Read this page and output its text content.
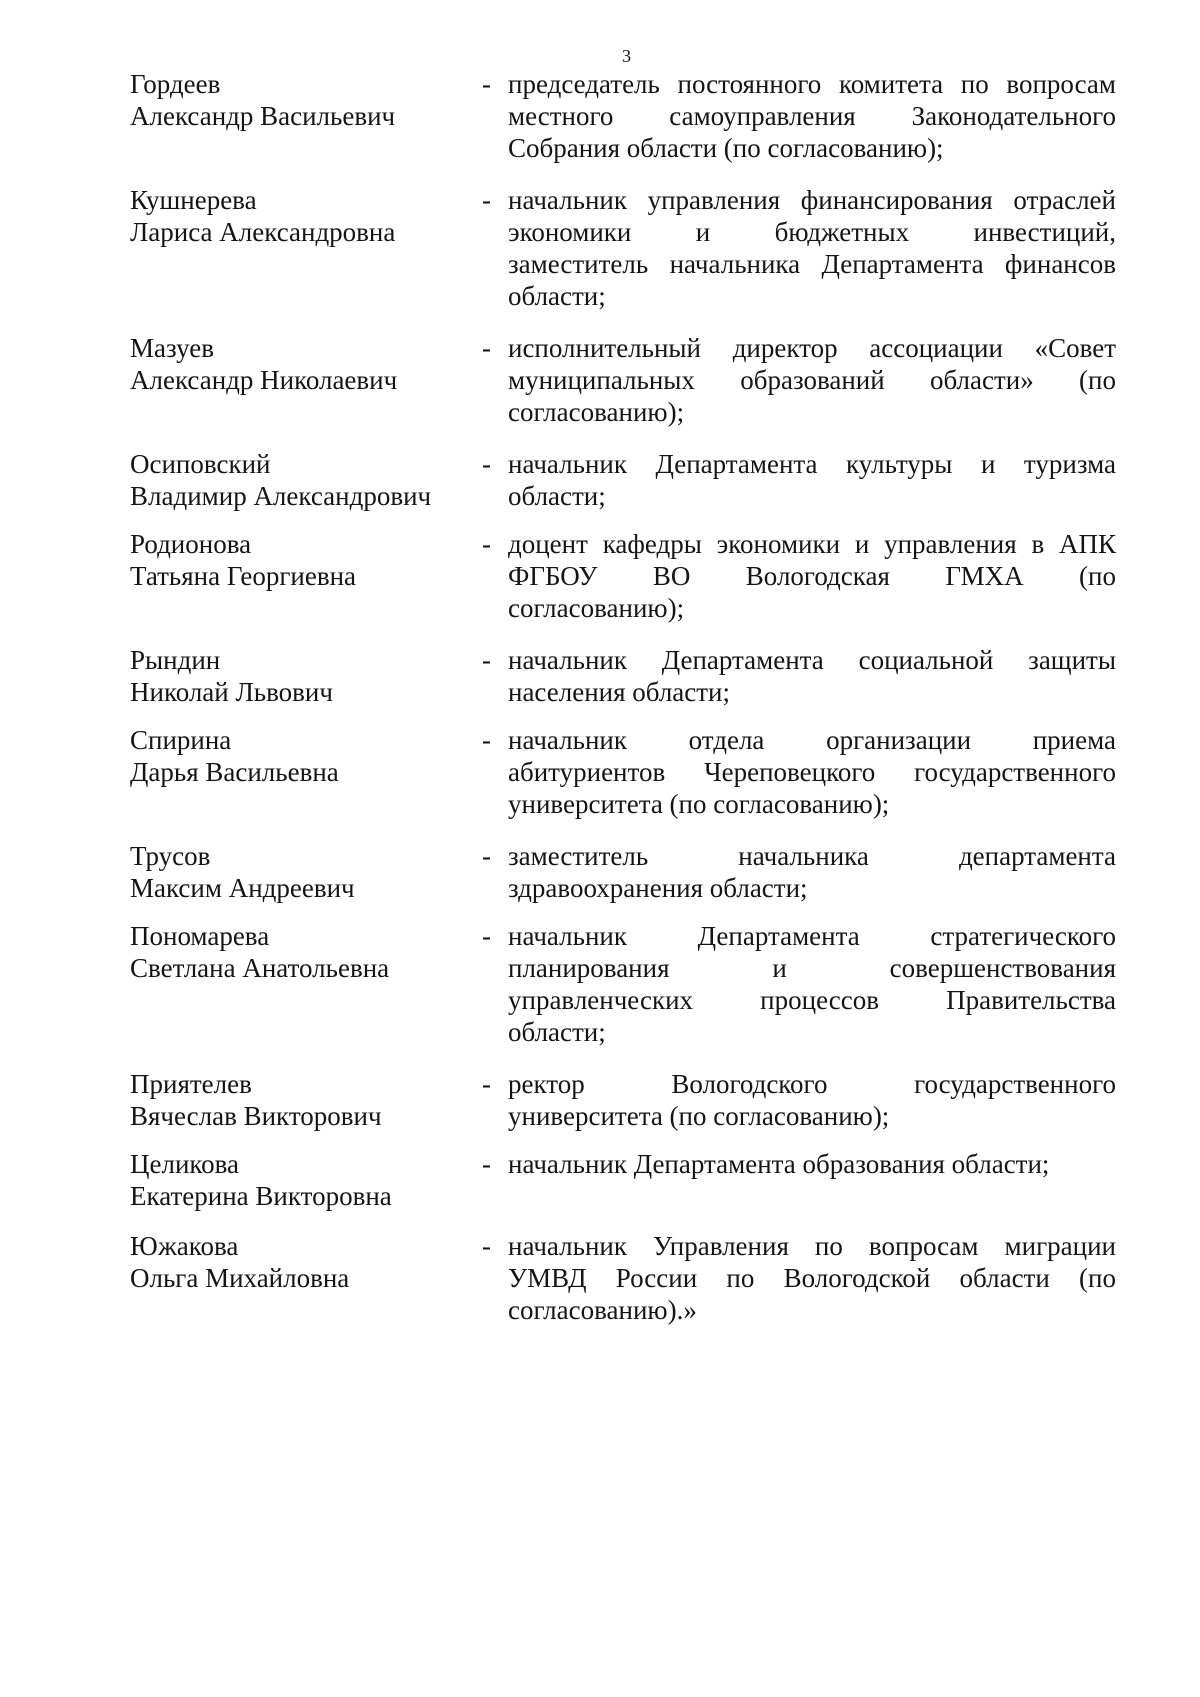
3
Гордеев
Александр Васильевич
- председатель постоянного комитета по вопросам
местного самоуправления Законодательного
Собрания области (по согласованию);
Кушнерева
Лариса Александровна
- начальник управления финансирования отраслей
экономики и бюджетных инвестиций,
заместитель начальника Департамента финансов
области;
Мазуев
Александр Николаевич
- исполнительный директор ассоциации «Совет
муниципальных образований области» (по
согласованию);
Осиповский
Владимир Александрович
- начальник Департамента культуры и туризма
области;
Родионова
Татьяна Георгиевна
- доцент кафедры экономики и управления в АПК
ФГБОУ ВО Вологодская ГМХА (по
согласованию);
Рындин
Николай Львович
- начальник Департамента социальной защиты
населения области;
Спирина
Дарья Васильевна
- начальник отдела организации приема
абитуриентов Череповецкого государственного
университета (по согласованию);
Трусов
Максим Андреевич
- заместитель начальника департамента
здравоохранения области;
Пономарева
Светлана Анатольевна
- начальник Департамента стратегического
планирования и совершенствования
управленческих процессов Правительства
области;
Приятелев
Вячеслав Викторович
- ректор Вологодского государственного
университета (по согласованию);
Целикова
Екатерина Викторовна
- начальник Департамента образования области;
Южакова
Ольга Михайловна
- начальник Управления по вопросам миграции
УМВД России по Вологодской области (по
согласованию).»
